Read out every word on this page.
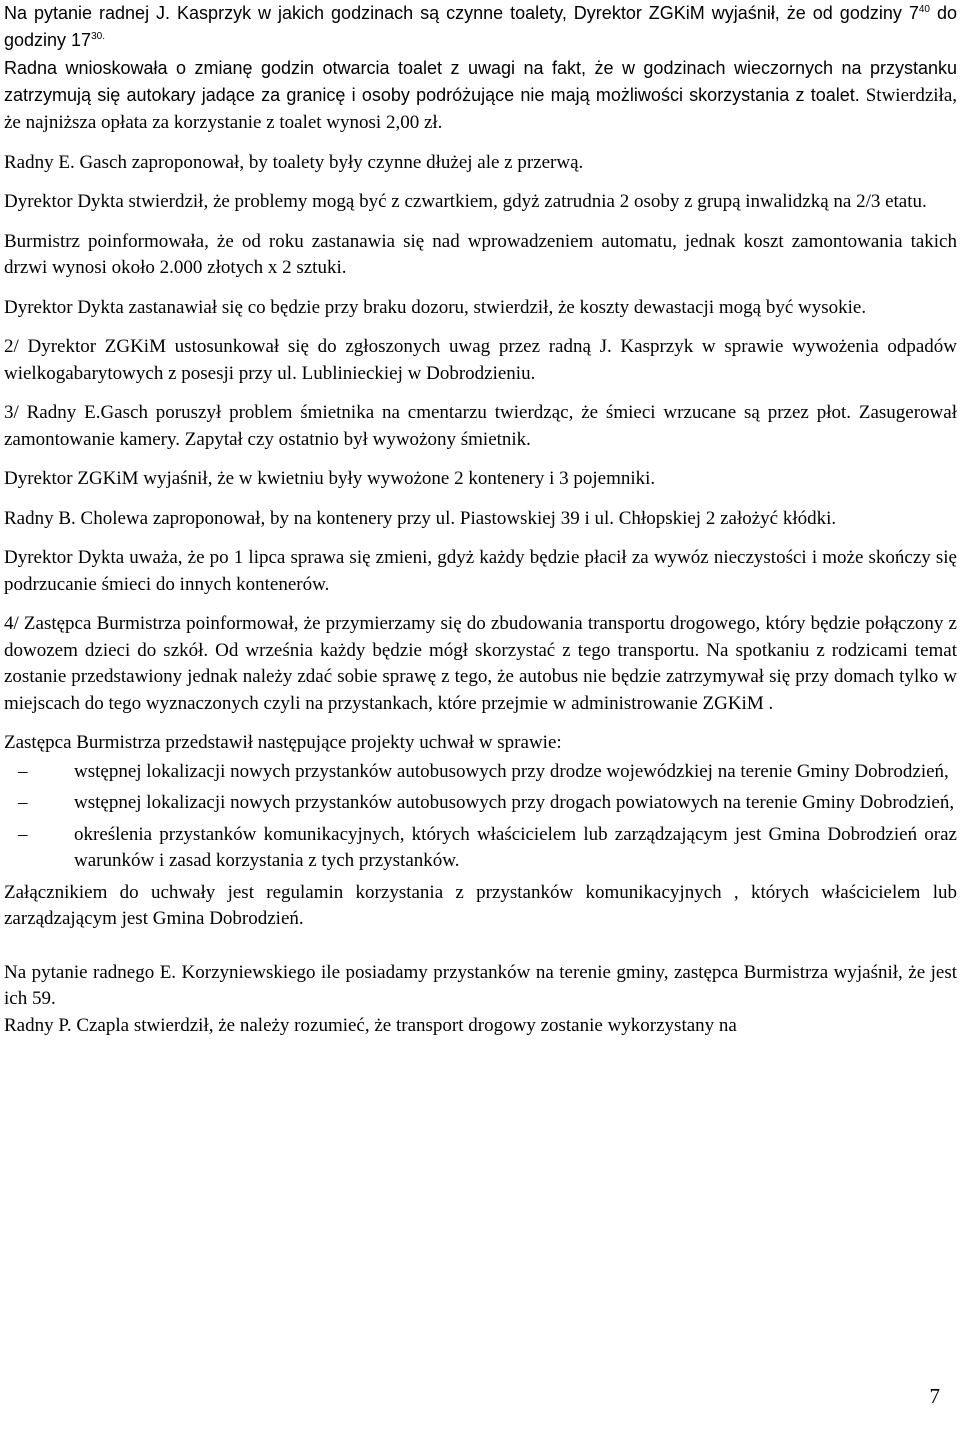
Na pytanie radnej J. Kasprzyk w jakich godzinach są czynne toalety, Dyrektor ZGKiM wyjaśnił, że od godziny $7^{40}$ do godziny $17^{30.}$

Radna wnioskowała o zmianę godzin otwarcia toalet z uwagi na fakt, że w godzinach wieczornych na przystanku zatrzymują się autokary jadące za granicę i osoby podróżujące nie mają możliwości skorzystania z toalet. Stwierdziła, że najniższa opłata za korzystanie z toalet wynosi 2,00 zł.

Radny E. Gasch zaproponował, by toalety były czynne dłużej ale z przerwą.

Dyrektor Dykta stwierdził, że problemy mogą być z czwartkiem, gdyż zatrudnia 2 osoby z grupą inwalidzką na 2/3 etatu.

Burmistrz poinformowała, że od roku zastanawia się nad wprowadzeniem automatu, jednak koszt zamontowania takich drzwi wynosi około 2.000 złotych x 2 sztuki.

Dyrektor Dykta zastanawiał się co będzie przy braku dozoru, stwierdził, że koszty dewastacji mogą być wysokie.

2/ Dyrektor ZGKiM ustosunkował się do zgłoszonych uwag przez radną J. Kasprzyk w sprawie wywożenia odpadów wielkogabarytowych z posesji przy ul. Lublinieckiej w Dobrodzieniu.

3/ Radny E.Gasch poruszył problem śmietnika na cmentarzu twierdząc, że śmieci wrzucane są przez płot. Zasugerował zamontowanie kamery. Zapytał czy ostatnio był wywożony śmietnik.

Dyrektor ZGKiM wyjaśnił, że w kwietniu były wywożone 2 kontenery i 3 pojemniki.

Radny B. Cholewa zaproponował, by na kontenery przy ul. Piastowskiej 39 i ul. Chłopskiej 2 założyć kłódki.

Dyrektor Dykta uważa, że po 1 lipca sprawa się zmieni, gdyż każdy będzie płacił za wywóz nieczystości i może skończy się podrzucanie śmieci do innych kontenerów.

4/ Zastępca Burmistrza poinformował, że przymierzamy się do zbudowania transportu drogowego, który będzie połączony z dowozem dzieci do szkół. Od września każdy będzie mógł skorzystać z tego transportu. Na spotkaniu z rodzicami temat zostanie przedstawiony jednak należy zdać sobie sprawę z tego, że autobus nie będzie zatrzymywał się przy domach tylko w miejscach do tego wyznaczonych czyli na przystankach, które przejmie w administrowanie ZGKiM .

Zastępca Burmistrza przedstawił następujące projekty uchwał w sprawie:

– wstępnej lokalizacji nowych przystanków autobusowych przy drodze wojewódzkiej na terenie Gminy Dobrodzień,
– wstępnej lokalizacji nowych przystanków autobusowych przy drogach powiatowych na terenie Gminy Dobrodzień,
– określenia przystanków komunikacyjnych, których właścicielem lub zarządzającym jest Gmina Dobrodzień oraz warunków i zasad korzystania z tych przystanków.

Załącznikiem do uchwały jest regulamin korzystania z przystanków komunikacyjnych , których właścicielem lub zarządzającym jest Gmina Dobrodzień.

Na pytanie radnego E. Korzyniewskiego ile posiadamy przystanków na terenie gminy, zastępca Burmistrza wyjaśnił, że jest ich 59.

Radny P. Czapla stwierdził, że należy rozumieć, że transport drogowy zostanie wykorzystany na

7
